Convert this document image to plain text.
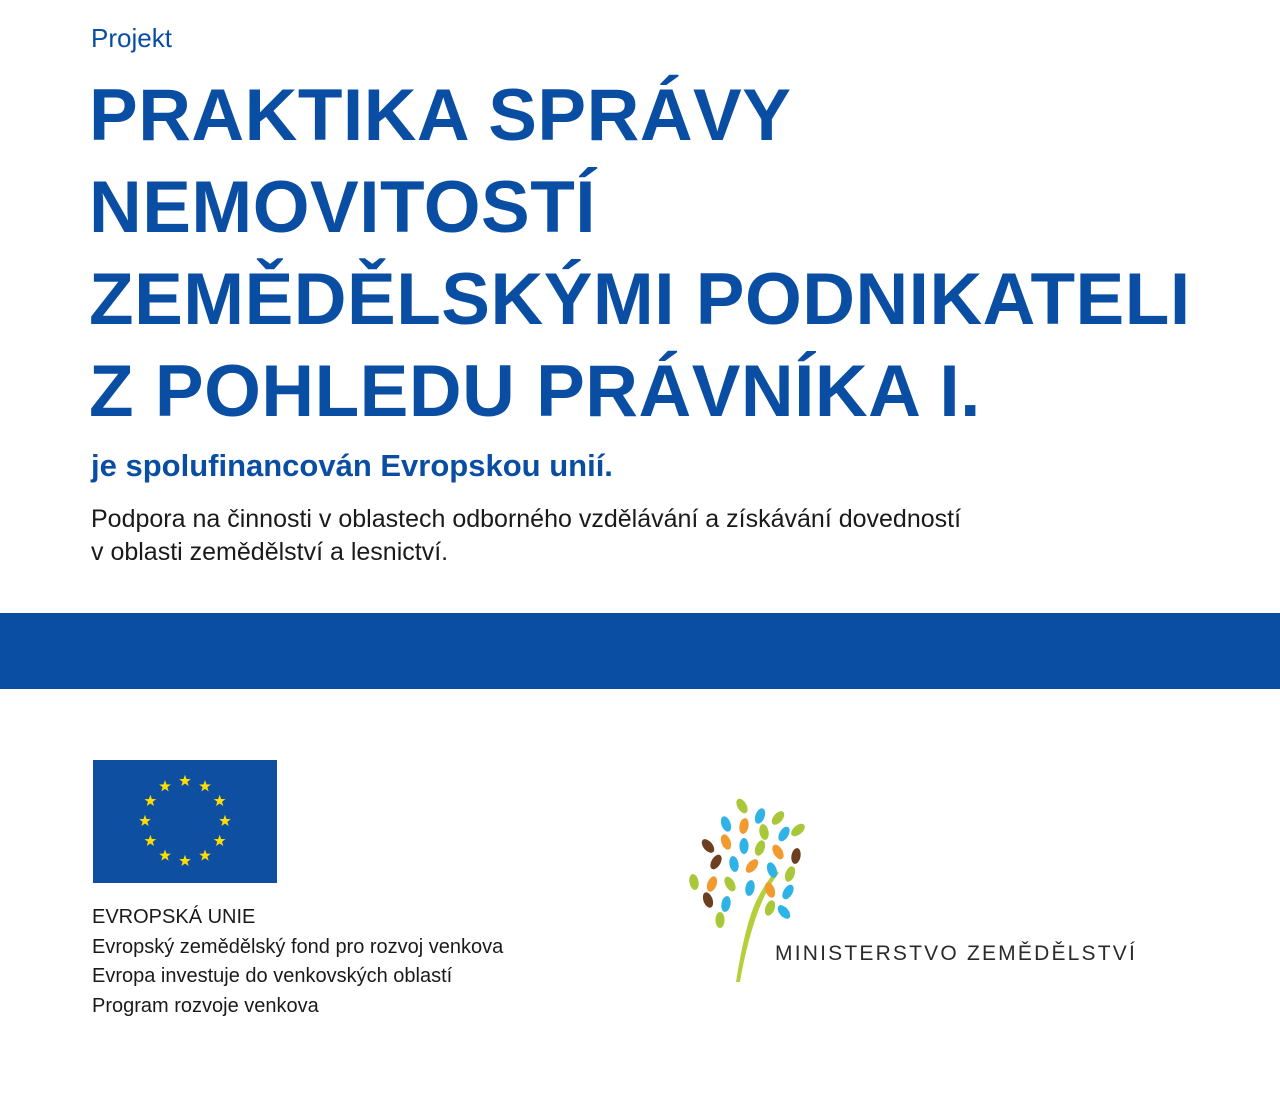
Projekt
PRAKTIKA SPRÁVY
NEMOVITOSTÍ
ZEMĚDĚLSKÝMI PODNIKATELI
Z POHLEDU PRÁVNÍKA I.
je spolufinancován Evropskou unií.
Podpora na činnosti v oblastech odborného vzdělávání a získávání dovedností
v oblasti zemědělství a lesnictví.
EVROPSKÁ UNIE
Evropský zemědělský fond pro rozvoj venkova
Evropa investuje do venkovských oblastí
Program rozvoje venkova
MINISTERSTVO ZEMĚDĚLSTVÍ
